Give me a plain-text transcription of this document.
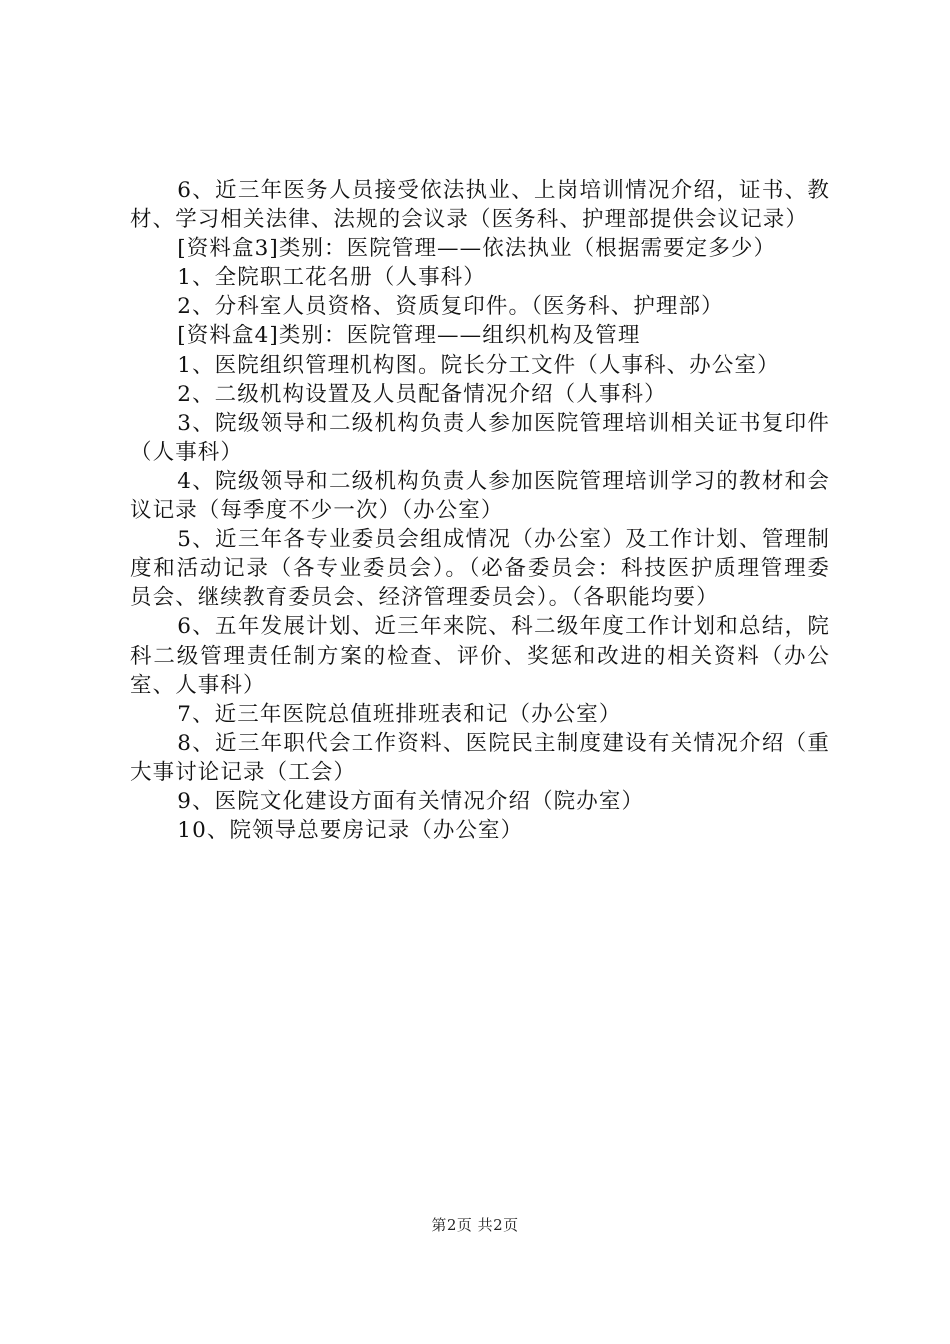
6、近三年医务人员接受依法执业、上岗培训情况介绍，证书、教材、学习相关法律、法规的会议录（医务科、护理部提供会议记录）

[资料盒3]类别：医院管理——依法执业（根据需要定多少）

1、全院职工花名册（人事科）

2、分科室人员资格、资质复印件。（医务科、护理部）

[资料盒4]类别：医院管理——组织机构及管理

1、医院组织管理机构图。院长分工文件（人事科、办公室）

2、二级机构设置及人员配备情况介绍（人事科）

3、院级领导和二级机构负责人参加医院管理培训相关证书复印件（人事科）

4、院级领导和二级机构负责人参加医院管理培训学习的教材和会议记录（每季度不少一次）（办公室）

5、近三年各专业委员会组成情况（办公室）及工作计划、管理制度和活动记录（各专业委员会）。（必备委员会：科技医护质理管理委员会、继续教育委员会、经济管理委员会）。（各职能均要）

6、五年发展计划、近三年来院、科二级年度工作计划和总结，院科二级管理责任制方案的检查、评价、奖惩和改进的相关资料（办公室、人事科）

7、近三年医院总值班排班表和记（办公室）

8、近三年职代会工作资料、医院民主制度建设有关情况介绍（重大事讨论记录（工会）

9、医院文化建设方面有关情况介绍（院办室）

10、院领导总要房记录（办公室）

第2页 共2页
